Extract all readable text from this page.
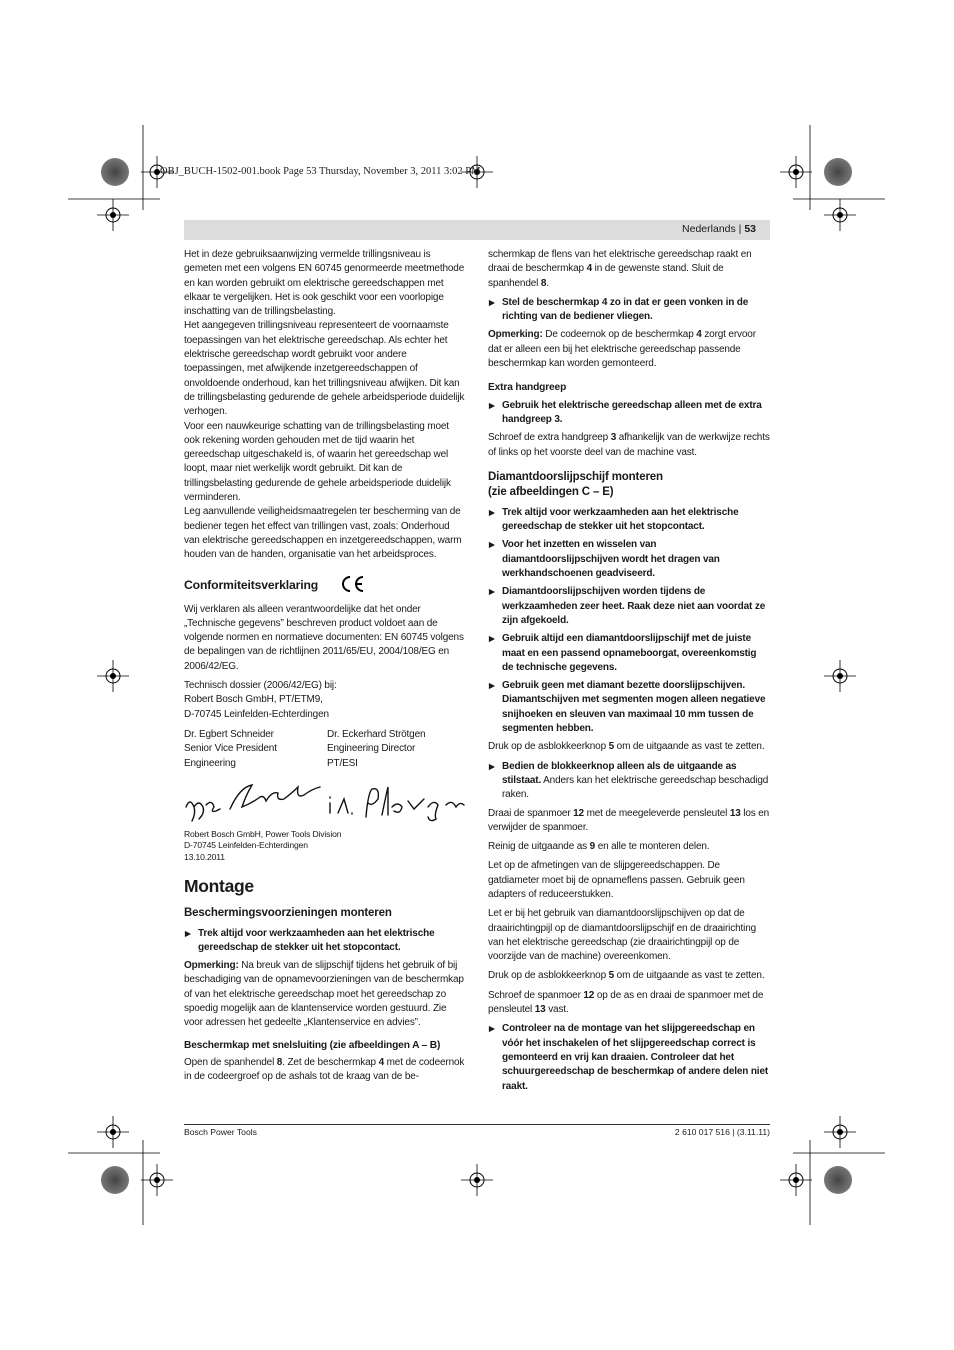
OBJ_BUCH-1502-001.book Page 53 Thursday, November 3, 2011 3:02 PM
Nederlands | 53

Het in deze gebruiksaanwijzing vermelde trillingsniveau is gemeten met een volgens EN 60745 genormeerde meetmethode en kan worden gebruikt om elektrische gereedschappen met elkaar te vergelijken. Het is ook geschikt voor een voorlopige inschatting van de trillingsbelasting.

Het aangegeven trillingsniveau representeert de voornaamste toepassingen van het elektrische gereedschap. Als echter het elektrische gereedschap wordt gebruikt voor andere toepassingen, met afwijkende inzetgereedschappen of onvoldoende onderhoud, kan het trillingsniveau afwijken. Dit kan de trillingsbelasting gedurende de gehele arbeidsperiode duidelijk verhogen.

Voor een nauwkeurige schatting van de trillingsbelasting moet ook rekening worden gehouden met de tijd waarin het gereedschap uitgeschakeld is, of waarin het gereedschap wel loopt, maar niet werkelijk wordt gebruikt. Dit kan de trillingsbelasting gedurende de gehele arbeidsperiode duidelijk verminderen.

Leg aanvullende veiligheidsmaatregelen ter bescherming van de bediener tegen het effect van trillingen vast, zoals: Onderhoud van elektrische gereedschappen en inzetgereedschappen, warm houden van de handen, organisatie van het arbeidsproces.

Conformiteitsverklaring

Wij verklaren als alleen verantwoordelijke dat het onder „Technische gegevens” beschreven product voldoet aan de volgende normen en normatieve documenten: EN 60745 volgens de bepalingen van de richtlijnen 2011/65/EU, 2004/108/EG en 2006/42/EG.

Technisch dossier (2006/42/EG) bij:

Robert Bosch GmbH, PT/ETM9,

D-70745 Leinfelden-Echterdingen

Dr. Egbert Schneider
Senior Vice President
Engineering
Dr. Eckerhard Strötgen
Engineering Director
PT/ESI
Robert Bosch GmbH, Power Tools Division
D-70745 Leinfelden-Echterdingen
13.10.2011
Montage
Beschermingsvoorzieningen monteren
▶ Trek altijd voor werkzaamheden aan het elektrische gereedschap de stekker uit het stopcontact.

Opmerking: Na breuk van de slijpschijf tijdens het gebruik of bij beschadiging van de opnamevoorzieningen van de beschermkap of van het elektrische gereedschap moet het gereedschap zo spoedig mogelijk aan de klantenservice worden gestuurd. Zie voor adressen het gedeelte „Klantenservice en advies”.

Beschermkap met snelsluiting (zie afbeeldingen A – B)

Open de spanhendel 8. Zet de beschermkap 4 met de codeernok in de codeergroef op de ashals tot de kraag van de be-

schermkap de flens van het elektrische gereedschap raakt en draai de beschermkap 4 in de gewenste stand. Sluit de spanhendel 8.

▶ Stel de beschermkap 4 zo in dat er geen vonken in de richting van de bediener vliegen.

Opmerking: De codeernok op de beschermkap 4 zorgt ervoor dat er alleen een bij het elektrische gereedschap passende beschermkap kan worden gemonteerd.

Extra handgreep
▶ Gebruik het elektrische gereedschap alleen met de extra handgreep 3.

Schroef de extra handgreep 3 afhankelijk van de werkwijze rechts of links op het voorste deel van de machine vast.

Diamantdoorslijpschijf monteren
(zie afbeeldingen C – E)
▶ Trek altijd voor werkzaamheden aan het elektrische gereedschap de stekker uit het stopcontact.
▶ Voor het inzetten en wisselen van diamantdoorslijpschijven wordt het dragen van werkhandschoenen geadviseerd.
▶ Diamantdoorslijpschijven worden tijdens de werkzaamheden zeer heet. Raak deze niet aan voordat ze zijn afgekoeld.
▶ Gebruik altijd een diamantdoorslijpschijf met de juiste maat en een passend opnameboorgat, overeenkomstig de technische gegevens.
▶ Gebruik geen met diamant bezette doorslijpschijven. Diamantschijven met segmenten mogen alleen negatieve snijhoeken en sleuven van maximaal 10 mm tussen de segmenten hebben.

Druk op de asblokkeerknop 5 om de uitgaande as vast te zetten.

▶ Bedien de blokkeerknop alleen als de uitgaande as stilstaat. Anders kan het elektrische gereedschap beschadigd raken.

Draai de spanmoer 12 met de meegeleverde pensleutel 13 los en verwijder de spanmoer.

Reinig de uitgaande as 9 en alle te monteren delen.

Let op de afmetingen van de slijpgereedschappen. De gatdiameter moet bij de opnameflens passen. Gebruik geen adapters of reduceerstukken.

Let er bij het gebruik van diamantdoorslijpschijven op dat de draairichtingpijl op de diamantdoorslijpschijf en de draairichting van het elektrische gereedschap (zie draairichtingpijl op de voorzijde van de machine) overeenkomen.

Druk op de asblokkeerknop 5 om de uitgaande as vast te zetten.

Schroef de spanmoer 12 op de as en draai de spanmoer met de pensleutel 13 vast.

▶ Controleer na de montage van het slijpgereedschap en vóór het inschakelen of het slijpgereedschap correct is gemonteerd en vrij kan draaien. Controleer dat het schuurgereedschap de beschermkap of andere delen niet raakt.
Bosch Power Tools	2 610 017 516 | (3.11.11)
